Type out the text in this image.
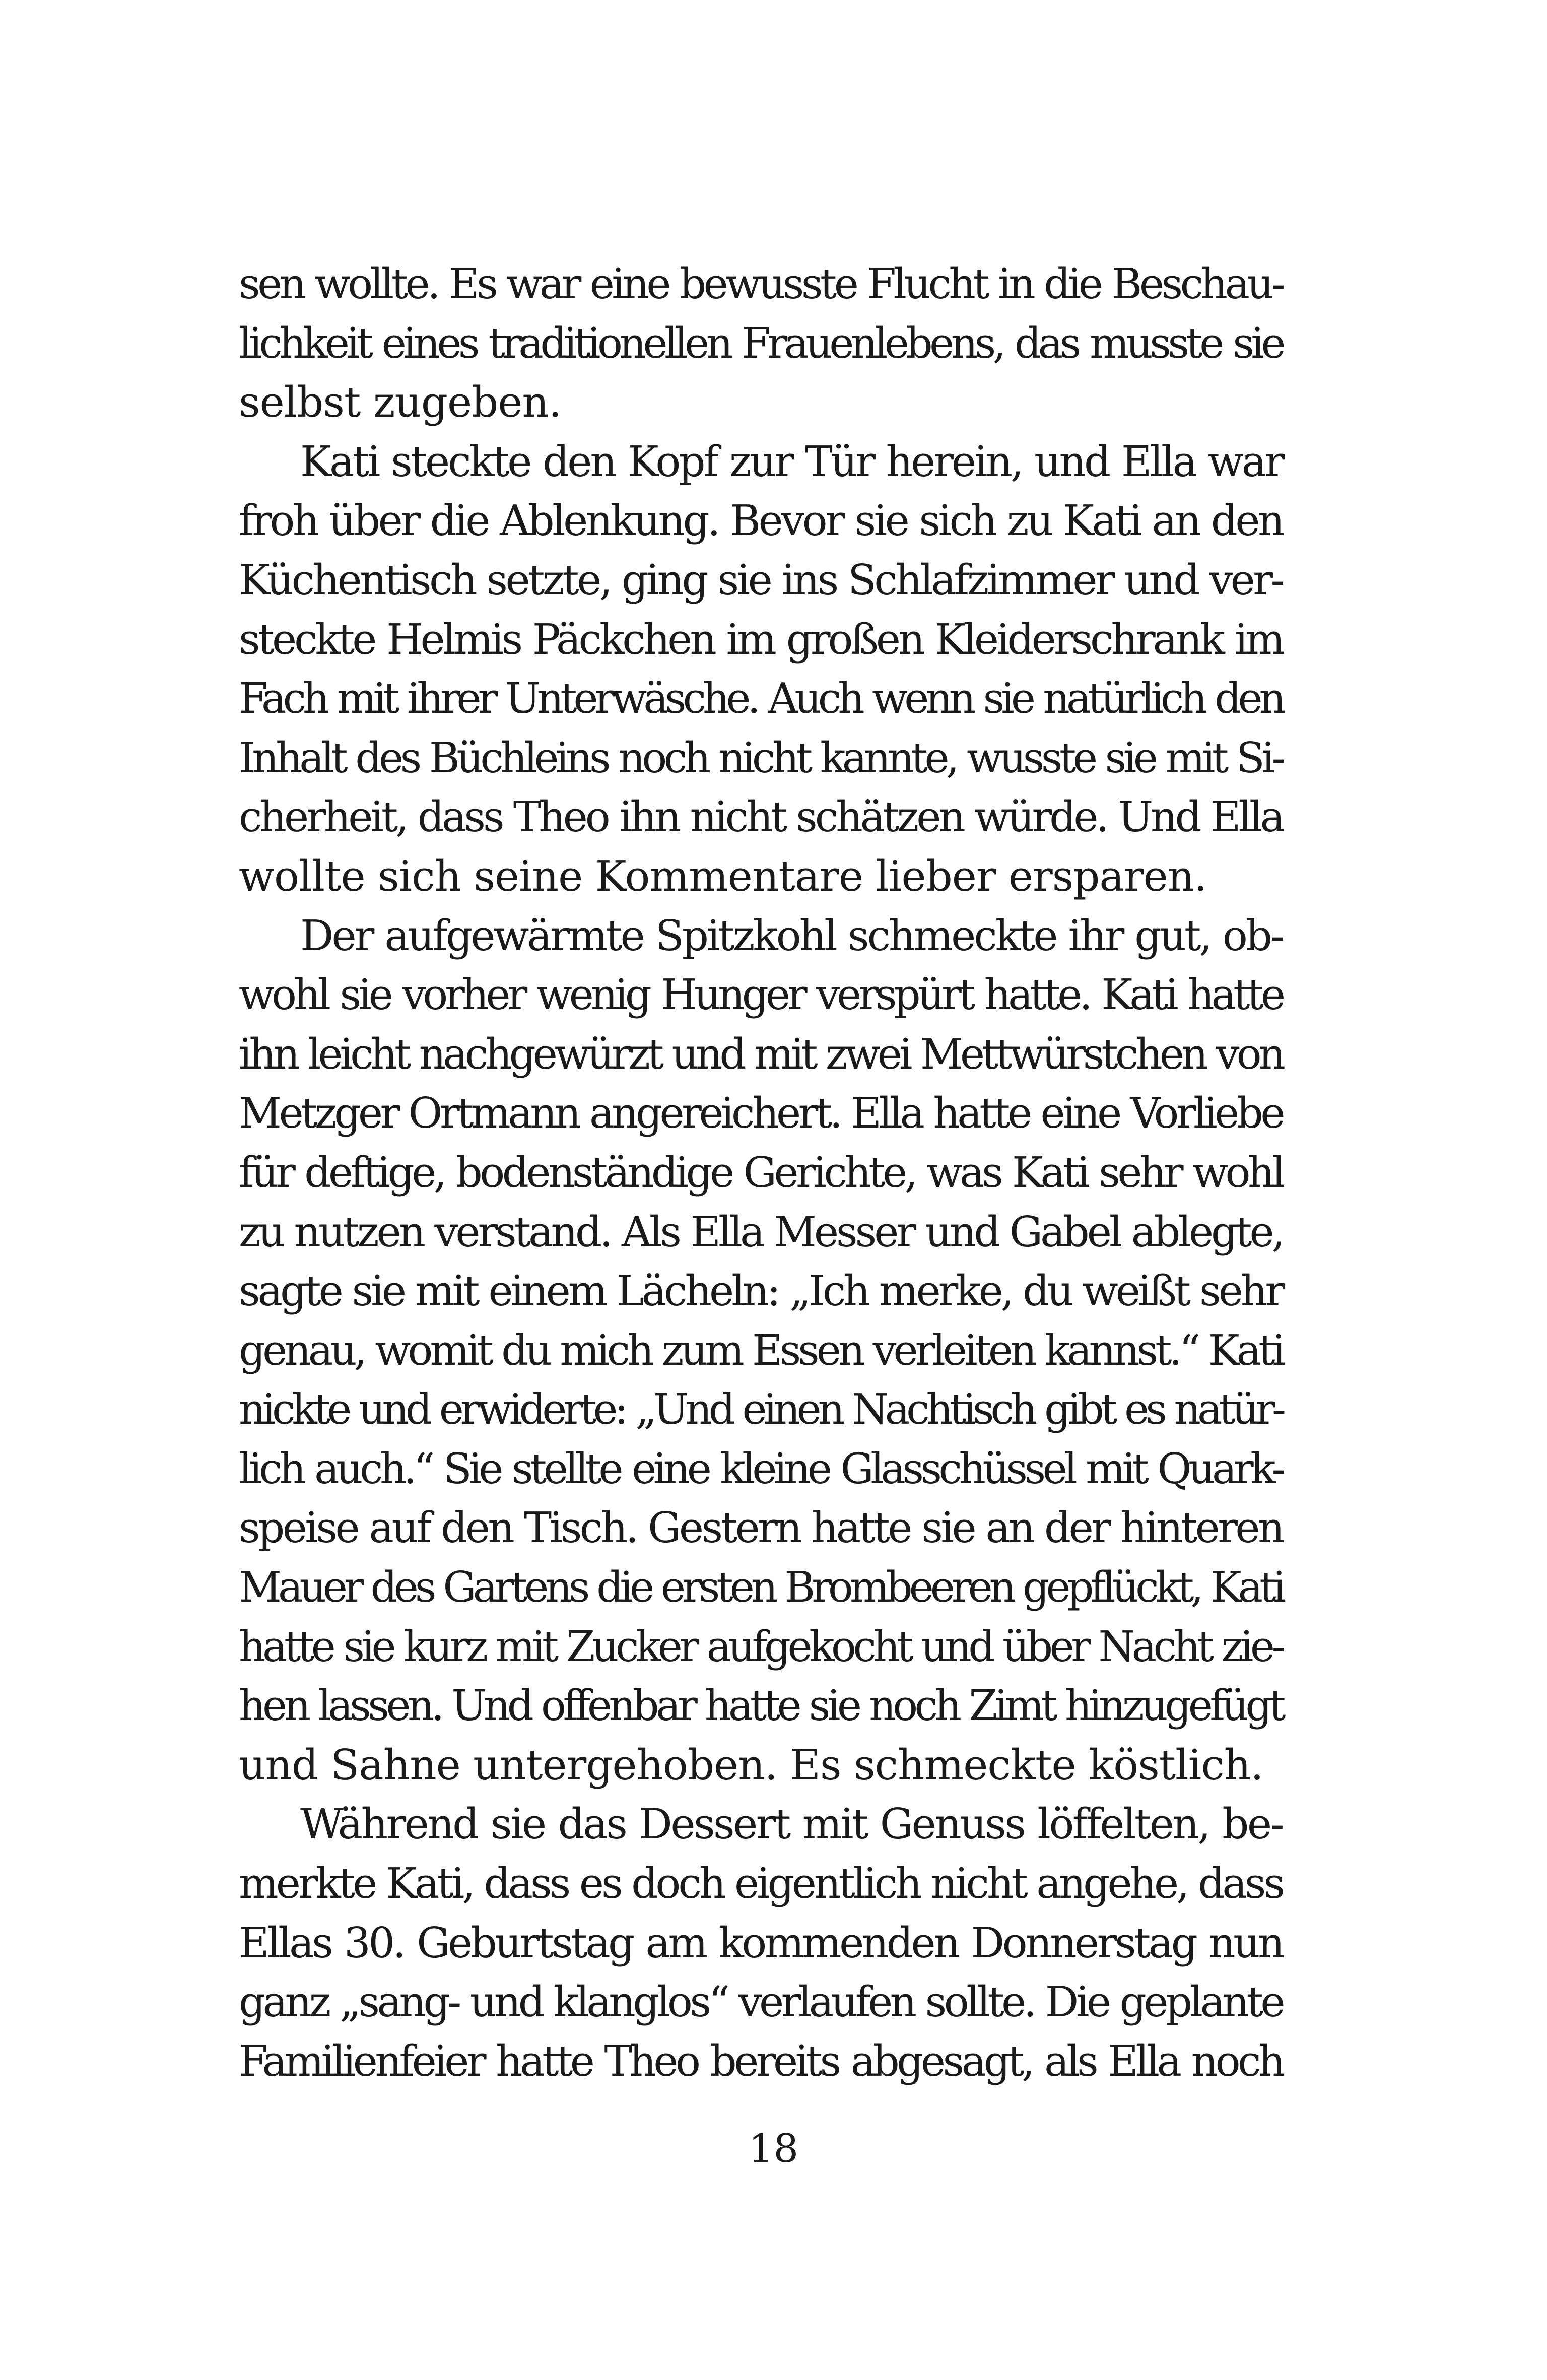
sen wollte. Es war eine bewusste Flucht in die Beschau-
lichkeit eines traditionellen Frauenlebens, das musste sie
selbst zugeben.
Kati steckte den Kopf zur Tür herein, und Ella war
froh über die Ablenkung. Bevor sie sich zu Kati an den
Küchentisch setzte, ging sie ins Schlafzimmer und ver-
steckte Helmis Päckchen im großen Kleiderschrank im
Fach mit ihrer Unterwäsche. Auch wenn sie natürlich den
Inhalt des Büchleins noch nicht kannte, wusste sie mit Si-
cherheit, dass Theo ihn nicht schätzen würde. Und Ella
wollte sich seine Kommentare lieber ersparen.
Der aufgewärmte Spitzkohl schmeckte ihr gut, ob-
wohl sie vorher wenig Hunger verspürt hatte. Kati hatte
ihn leicht nachgewürzt und mit zwei Mettwürstchen von
Metzger Ortmann angereichert. Ella hatte eine Vorliebe
für deftige, bodenständige Gerichte, was Kati sehr wohl
zu nutzen verstand. Als Ella Messer und Gabel ablegte,
sagte sie mit einem Lächeln: „Ich merke, du weißt sehr
genau, womit du mich zum Essen verleiten kannst.“ Kati
nickte und erwiderte: „Und einen Nachtisch gibt es natür-
lich auch.“ Sie stellte eine kleine Glasschüssel mit Quark-
speise auf den Tisch. Gestern hatte sie an der hinteren
Mauer des Gartens die ersten Brombeeren gepflückt, Kati
hatte sie kurz mit Zucker aufgekocht und über Nacht zie-
hen lassen. Und offenbar hatte sie noch Zimt hinzugefügt
und Sahne untergehoben. Es schmeckte köstlich.
Während sie das Dessert mit Genuss löffelten, be-
merkte Kati, dass es doch eigentlich nicht angehe, dass
Ellas 30. Geburtstag am kommenden Donnerstag nun
ganz „sang- und klanglos“ verlaufen sollte. Die geplante
Familienfeier hatte Theo bereits abgesagt, als Ella noch
18
